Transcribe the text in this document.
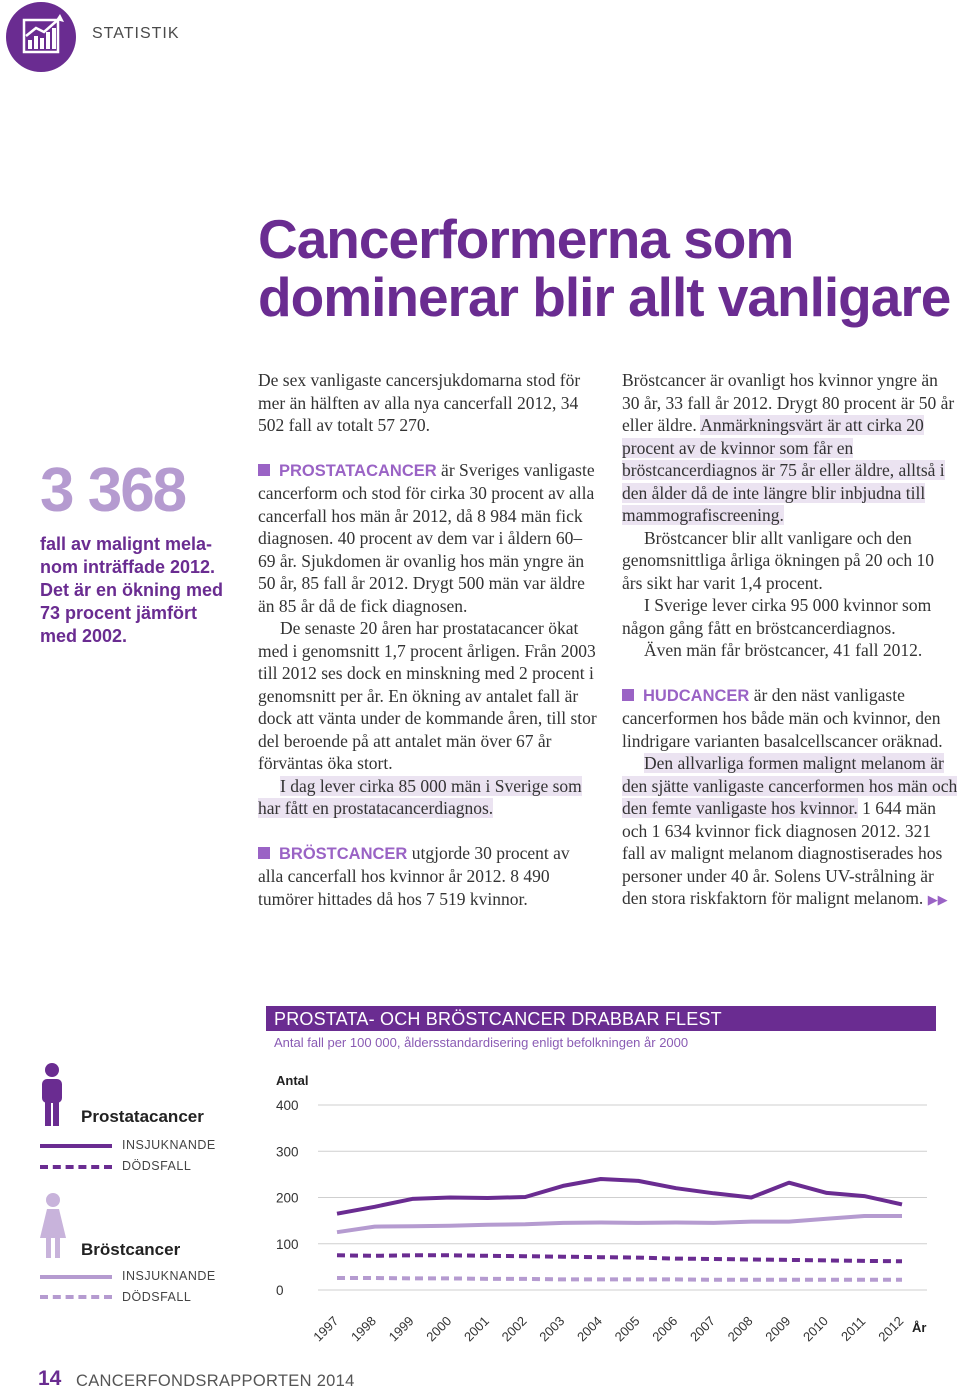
STATISTIK
Cancerformerna som
dominerar blir allt vanligare
3 368
fall av malignt mela-nom inträffade 2012. Det är en ökning med 73 procent jämfört med 2002.

De sex vanligaste cancersjukdomarna stod för mer än hälften av alla nya cancerfall 2012, 34 502 fall av totalt 57 270.

PROSTATACANCER är Sveriges vanligaste cancerform och stod för cirka 30 procent av alla cancerfall hos män år 2012, då 8 984 män fick diagnosen. 40 procent av dem var i åldern 60–69 år. Sjukdomen är ovanlig hos män yngre än 50 år, 85 fall år 2012. Drygt 500 män var äldre än 85 år då de fick diagnosen.

De senaste 20 åren har prostatacancer ökat med i genomsnitt 1,7 procent årligen. Från 2003 till 2012 ses dock en minskning med 2 procent i genomsnitt per år. En ökning av antalet fall är dock att vänta under de kommande åren, till stor del beroende på att antalet män över 67 år förväntas öka stort.

I dag lever cirka 85 000 män i Sverige som har fått en prostatacancerdiagnos.

BRÖSTCANCER utgjorde 30 procent av alla cancerfall hos kvinnor år 2012. 8 490 tumörer hittades då hos 7 519 kvinnor.

Bröstcancer är ovanligt hos kvinnor yngre än 30 år, 33 fall år 2012. Drygt 80 procent är 50 år eller äldre. Anmärkningsvärt är att cirka 20 procent av de kvinnor som får en bröstcancerdiagnos är 75 år eller äldre, alltså i den ålder då de inte längre blir inbjudna till mammografiscreening.

Bröstcancer blir allt vanligare och den genomsnittliga årliga ökningen på 20 och 10 års sikt har varit 1,4 procent.

I Sverige lever cirka 95 000 kvinnor som någon gång fått en bröstcancerdiagnos.

Även män får bröstcancer, 41 fall 2012.

HUDCANCER är den näst vanligaste cancerformen hos både män och kvinnor, den lindrigare varianten basalcellscancer oräknad.

Den allvarliga formen malignt melanom är den sjätte vanligaste cancerformen hos män och den femte vanligaste hos kvinnor. 1 644 män och 1 634 kvinnor fick diagnosen 2012. 321 fall av malignt melanom diagnostiserades hos personer under 40 år. Solens UV-strålning är den stora riskfaktorn för malignt melanom. ▶▶

PROSTATA- OCH BRÖSTCANCER DRABBAR FLEST
Antal fall per 100 000, åldersstandardisering enligt befolkningen år 2000
Prostatacancer
INSJUKNANDE
DÖDSFALL
Bröstcancer
INSJUKNANDE
DÖDSFALL
Antal
0
100
200
300
400
1997 1998 1999 2000 2001 2002 2003 2004 2005 2006 2007 2008 2009 2010 2011 2012 År
14 CANCERFONDSRAPPORTEN 2014
